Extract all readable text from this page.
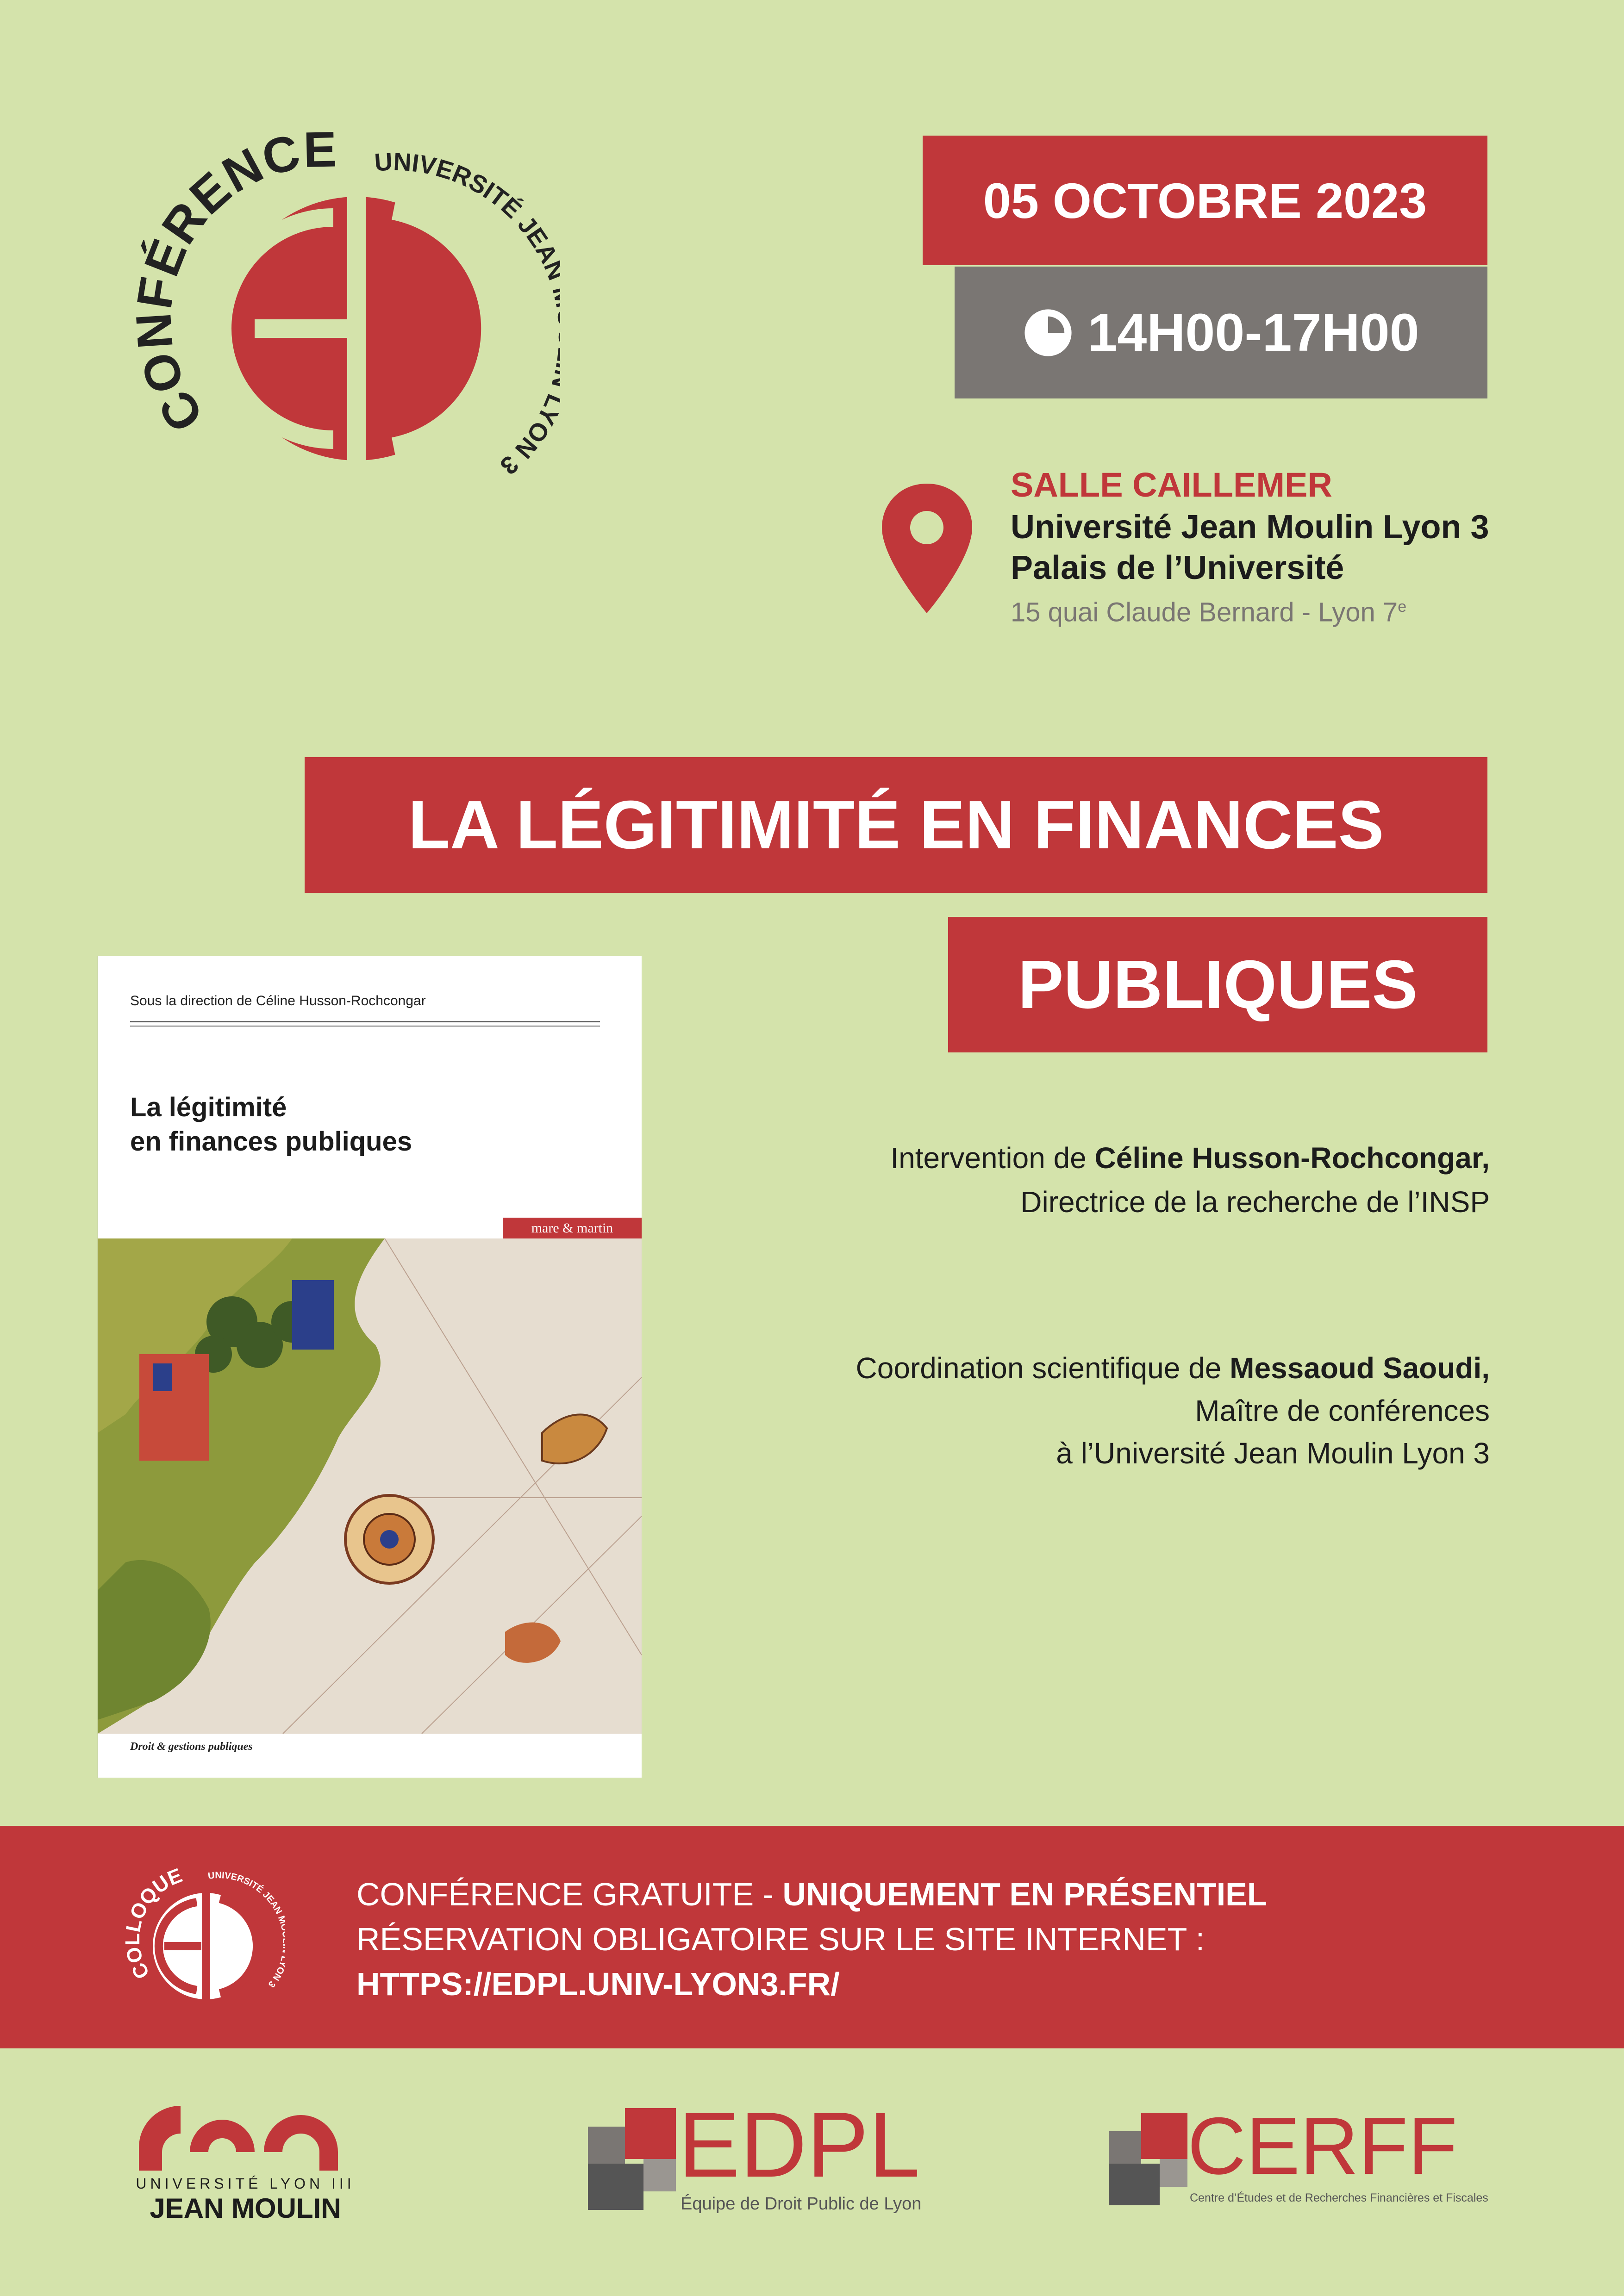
CONFÉRENCE UNIVERSITÉ JEA ON 3
05 OCTOBRE 2023
14H00-17H00
SALLE CAILLEMER
Université Jean Moulin Lyon 3
Palais de l’Université
15 quai Claude Bernard - Lyon 7e
LA LÉGITIMITÉ EN FINANCES
PUBLIQUES
Sous la direction de Céline Husson-Rochcongar
La légitimité
en finances publiques
mare & martin
Droit & gestions publiques
Intervention de Céline Husson-Rochcongar,
Directrice de la recherche de l’INSP
Coordination scientifique de Messaoud Saoudi,
Maître de conférences
à l’Université Jean Moulin Lyon 3
COLLOQUE UNIVERSITÉ JEAN N 3
CONFÉRENCE GRATUITE - UNIQUEMENT EN PRÉSENTIEL
RÉSERVATION OBLIGATOIRE SUR LE SITE INTERNET :
HTTPS://EDPL.UNIV-LYON3.FR/
UNIVERSITÉ LYON III
JEAN MOULIN
EDPL
Équipe de Droit Public de Lyon
CERFF
Centre d’Études et de Recherches Financières et Fiscales
